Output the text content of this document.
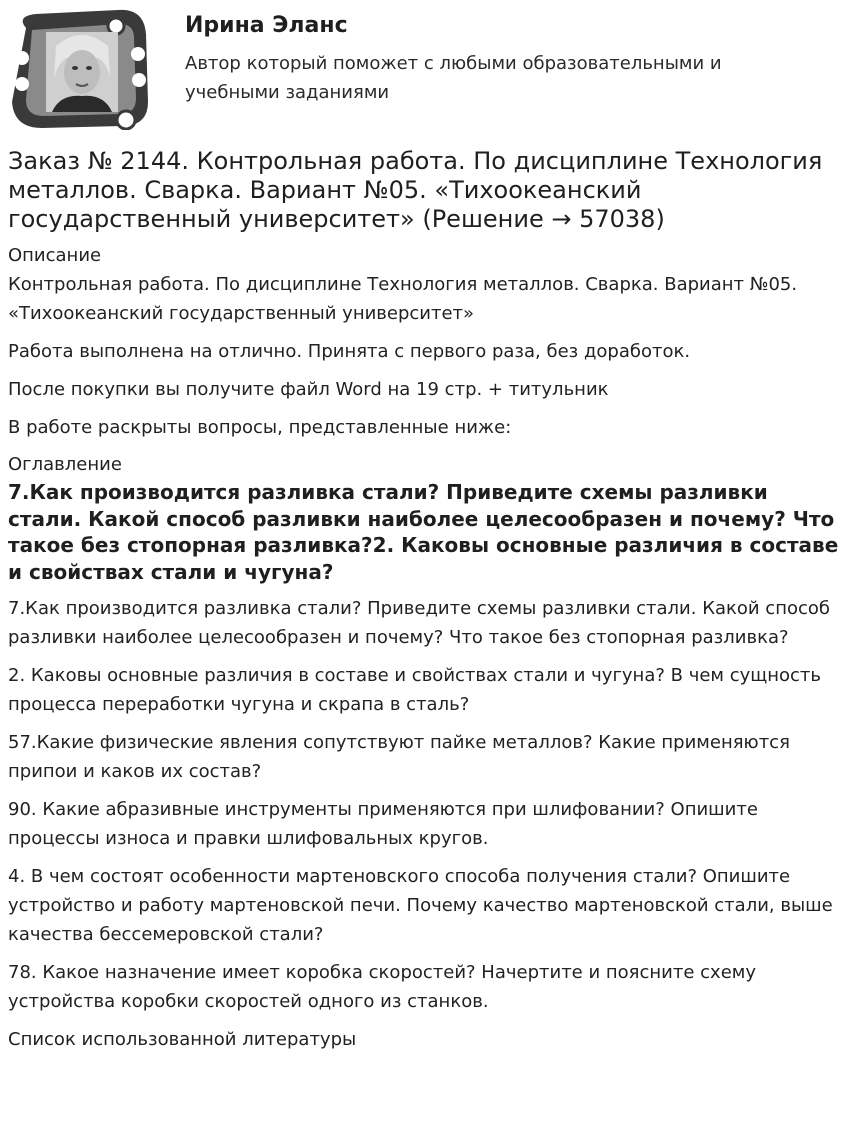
Ирина Эланс

Автор который поможет с любыми образовательными и учебными заданиями

Заказ № 2144. Контрольная работа. По дисциплине Технология металлов. Сварка. Вариант №05. «Тихоокеанский государственный университет» (Решение → 57038)

Описание

Контрольная работа. По дисциплине Технология металлов. Сварка. Вариант №05. «Тихоокеанский государственный университет»

Работа выполнена на отлично. Принята с первого раза, без доработок.

После покупки вы получите файл Word на 19 стр. + титульник

В работе раскрыты вопросы, представленные ниже:

Оглавление

7.Как производится разливка стали? Приведите схемы разливки стали. Какой способ разливки наиболее целесообразен и почему? Что такое без стопорная разливка?2. Каковы основные различия в составе и свойствах стали и чугуна?

7.Как производится разливка стали? Приведите схемы разливки стали. Какой способ разливки наиболее целесообразен и почему? Что такое без стопорная разливка?

2. Каковы основные различия в составе и свойствах стали и чугуна? В чем сущность процесса переработки чугуна и скрапа в сталь?

57.Какие физические явления сопутствуют пайке металлов? Какие применяются припои и каков их состав?

90. Какие абразивные инструменты применяются при шлифовании? Опишите процессы износа и правки шлифовальных кругов.

4. В чем состоят особенности мартеновского способа получения стали? Опишите устройство и работу мартеновской печи. Почему качество мартеновской стали, выше качества бессемеровской стали?

78. Какое назначение имеет коробка скоростей? Начертите и поясните схему устройства коробки скоростей одного из станков.

Список использованной литературы
